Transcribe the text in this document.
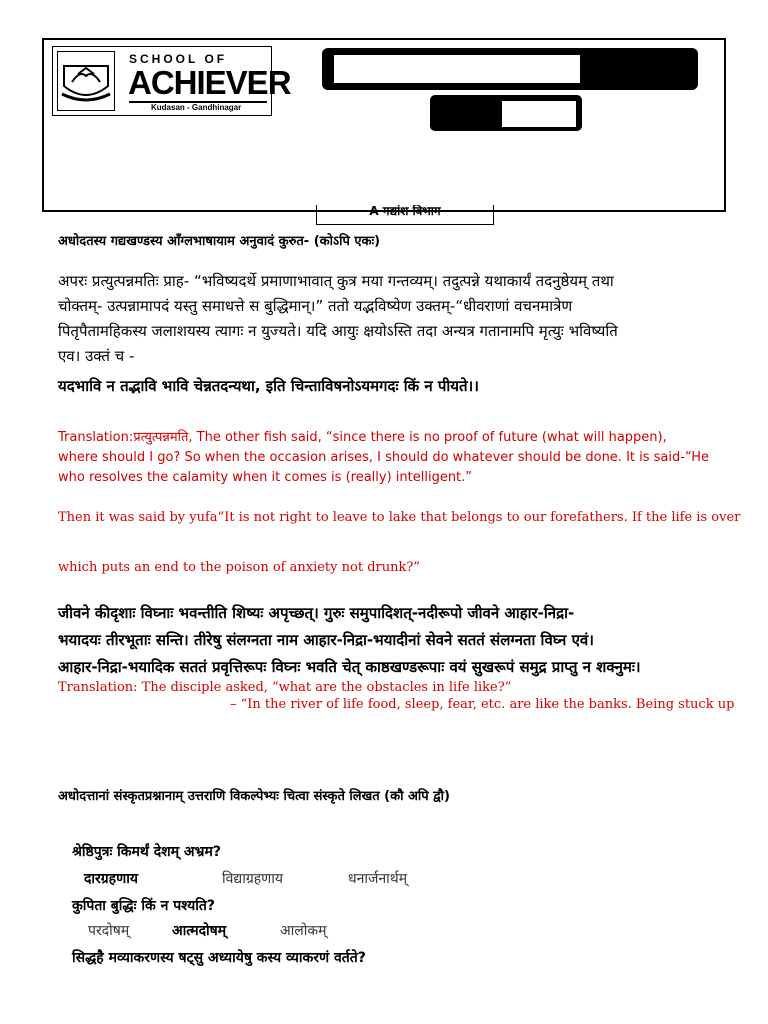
SCHOOL OF
ACHIEVER
Kudasan - Gandhinagar
A गद्यांश विभाग
अधोदतस्य गद्यखण्डस्य आँग्लभाषायाम अनुवादं कुरुत- (कोऽपि एकः)
अपरः प्रत्युत्पन्नमतिः प्राह- “भविष्यदर्थे प्रमाणाभावात् कुत्र मया गन्तव्यम्। तदुत्पन्ने यथाकार्यं तदनुष्ठेयम् तथा
चोक्तम्- उत्पन्नामापदं यस्तु समाधत्ते स बुद्धिमान्।” ततो यद्भविष्येण उक्तम्-“धीवराणां वचनमात्रेण
पितृपैतामहिकस्य जलाशयस्य त्यागः न युज्यते। यदि आयुः क्षयोऽस्ति तदा अन्यत्र गतानामपि मृत्युः भविष्यति
एव। उक्तं च -
यदभावि न तद्भावि भावि चेन्नतदन्यथा, इति चिन्ताविषनोऽयमगदः किं न पीयते।।
Translation:प्रत्युत्पन्नमति, The other fish said, “since there is no proof of future (what will happen),
where should I go? So when the occasion arises, I should do whatever should be done. It is said-“He
who resolves the calamity when it comes is (really) intelligent.”
Then it was said by yufa“It is not right to leave to lake that belongs to our forefathers. If the life is over
which puts an end to the poison of anxiety not drunk?”
जीवने कीदृशाः विघ्नाः भवन्तीति शिष्यः अपृच्छत्। गुरुः समुपादिशत्-नदीरूपो जीवने आहार-निद्रा-
भयादयः तीरभूताः सन्ति। तीरेषु संलग्नता नाम आहार-निद्रा-भयादीनां सेवने सततं संलग्नता विघ्न एवं।
आहार-निद्रा-भयादिक सततं प्रवृत्तिरूपः विघ्नः भवति चेत् काष्ठखण्डरूपाः वयं सुखरूपं समुद्र प्राप्तु न शक्नुमः।
Translation: The disciple asked, “what are the obstacles in life like?”
– “In the river of life food, sleep, fear, etc. are like the banks. Being stuck up
अधोदत्तानां संस्कृतप्रश्नानाम् उत्तराणि विकल्पेभ्यः चित्वा संस्कृते लिखत (कौ अपि द्वौ)
श्रेष्ठिपुत्रः किमर्थं देशम् अभ्रम?
दारग्रहणाय	विद्याग्रहणाय	धनार्जनार्थम्
कुपिता बुद्धिः किं न पश्यति?
परदोषम्	आत्मदोषम्	आलोकम्
सिद्धहै मव्याकरणस्य षट्सु अध्यायेषु कस्य व्याकरणं वर्तते?
